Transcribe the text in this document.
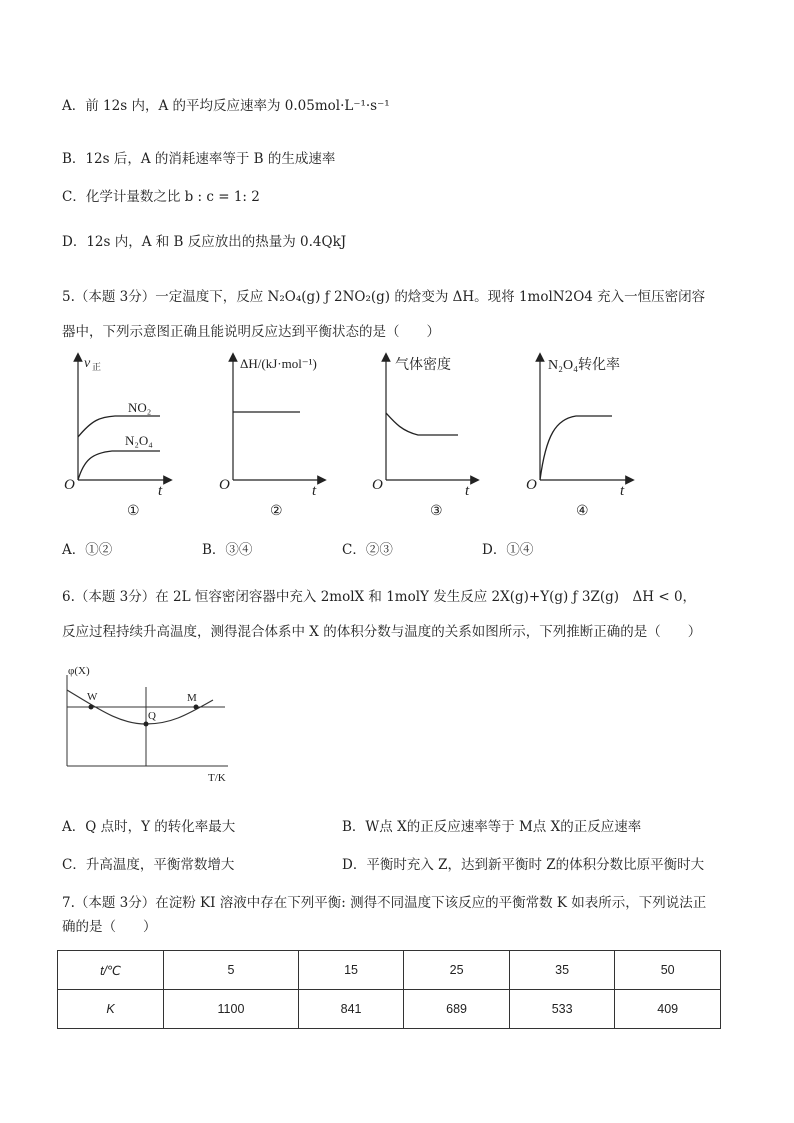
A．前 12s 内，A 的平均反应速率为 0.05mol·L⁻¹·s⁻¹
B．12s 后，A 的消耗速率等于 B 的生成速率
C．化学计量数之比 b : c = 1: 2
D．12s 内，A 和 B 反应放出的热量为 0.4QkJ
5.（本题 3分）一定温度下，反应 N₂O₄(g) ƒ 2NO₂(g) 的焓变为 ΔH。现将 1molN2O4 充入一恒压密闭容
器中，下列示意图正确且能说明反应达到平衡状态的是（　　）
v 正
NO₂
N₂O₄
O	t
①
ΔH/(kJ·mol⁻¹)
O	t
②
气体密度
O	t
③
N₂O₄转化率
O	t
④
A．①②	B．③④	C．②③	D．①④
6.（本题 3分）在 2L 恒容密闭容器中充入 2molX 和 1molY 发生反应 2X(g)+Y(g) ƒ 3Z(g)　ΔH < 0，
反应过程持续升高温度，测得混合体系中 X 的体积分数与温度的关系如图所示，下列推断正确的是（　　）
φ(X)
W
Q
M
T/K
A．Q 点时，Y 的转化率最大	B．W点 X的正反应速率等于 M点 X的正反应速率
C．升高温度，平衡常数增大	D．平衡时充入 Z，达到新平衡时 Z的体积分数比原平衡时大
7.（本题 3分）在淀粉 KI 溶液中存在下列平衡: 测得不同温度下该反应的平衡常数 K 如表所示，下列说法正
确的是（　　）
t/℃	5	15	25	35	50
K	1100	841	689	533	409
